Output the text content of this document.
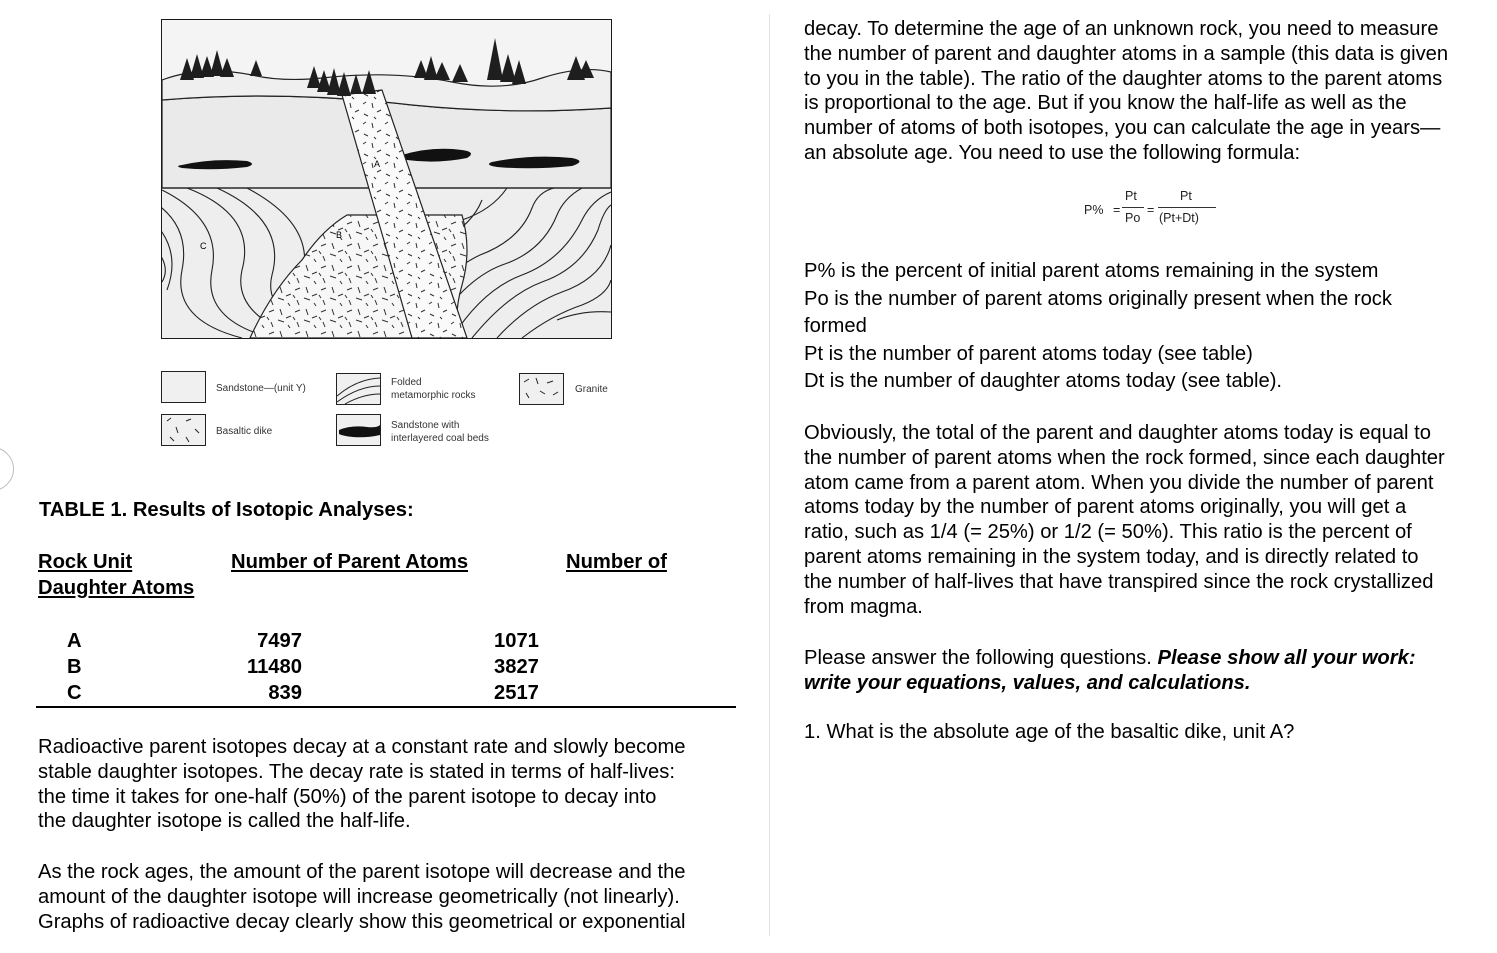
A
B
C
Sandstone—(unit Y)
Folded
metamorphic rocks	Granite
Basaltic dike
Sandstone with
interlayered coal beds
TABLE 1. Results of Isotopic Analyses:
Rock Unit	Number of Parent Atoms	Number of
Daughter Atoms
A	7497	1071
B	11480	3827
C	839	2517
Radioactive parent isotopes decay at a constant rate and slowly become
stable daughter isotopes. The decay rate is stated in terms of half-lives:
the time it takes for one-half (50%) of the parent isotope to decay into
the daughter isotope is called the half-life.
As the rock ages, the amount of the parent isotope will decrease and the
amount of the daughter isotope will increase geometrically (not linearly).
Graphs of radioactive decay clearly show this geometrical or exponential
decay. To determine the age of an unknown rock, you need to measure
the number of parent and daughter atoms in a sample (this data is given
to you in the table). The ratio of the daughter atoms to the parent atoms
is proportional to the age. But if you know the half-life as well as the
number of atoms of both isotopes, you can calculate the age in years—
an absolute age. You need to use the following formula:
P% =
Pt
Po
=
Pt
(Pt+Dt)
P% is the percent of initial parent atoms remaining in the system
Po is the number of parent atoms originally present when the rock
formed
Pt is the number of parent atoms today (see table)
Dt is the number of daughter atoms today (see table).
Obviously, the total of the parent and daughter atoms today is equal to
the number of parent atoms when the rock formed, since each daughter
atom came from a parent atom. When you divide the number of parent
atoms today by the number of parent atoms originally, you will get a
ratio, such as 1/4 (= 25%) or 1/2 (= 50%). This ratio is the percent of
parent atoms remaining in the system today, and is directly related to
the number of half-lives that have transpired since the rock crystallized
from magma.
Please answer the following questions. Please show all your work:
write your equations, values, and calculations.
1. What is the absolute age of the basaltic dike, unit A?
